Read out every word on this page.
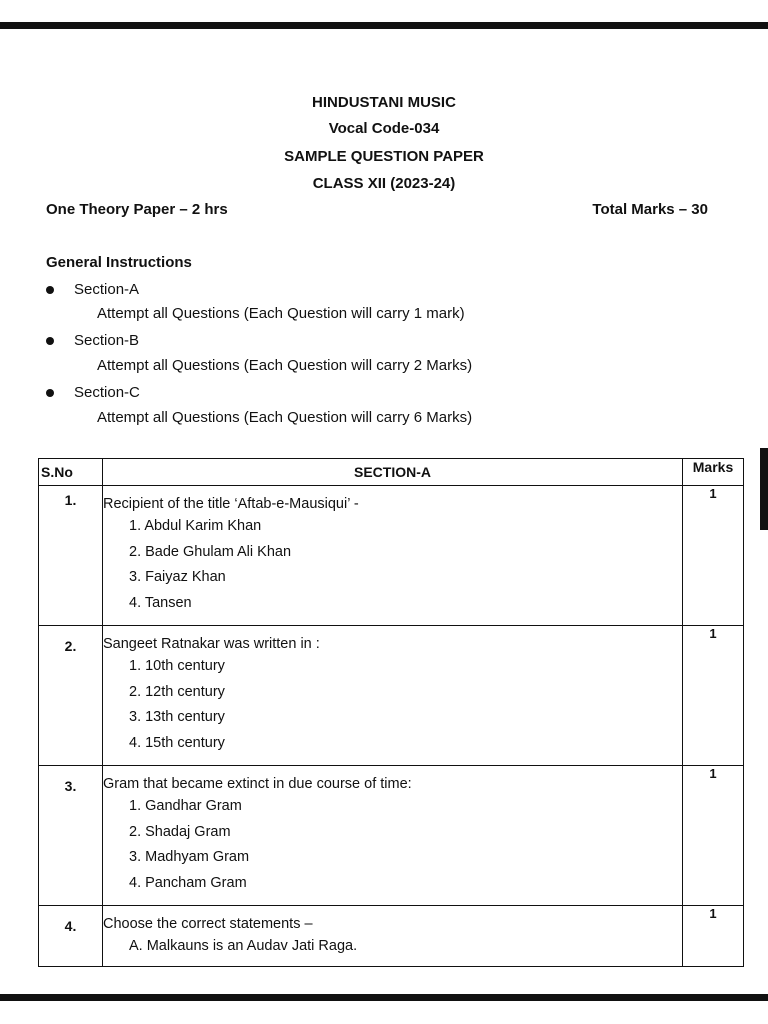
HINDUSTANI MUSIC
Vocal Code-034
SAMPLE QUESTION PAPER
CLASS XII (2023-24)
One Theory Paper – 2 hrs	Total Marks – 30
General Instructions
Section-A
Attempt all Questions (Each Question will carry 1 mark)
Section-B
Attempt all Questions (Each Question will carry 2 Marks)
Section-C
Attempt all Questions (Each Question will carry 6 Marks)
S.No	SECTION-A	Marks
1.	Recipient of the title ‘Aftab-e-Mausiqui’ -
1. Abdul Karim Khan
2. Bade Ghulam Ali Khan
3. Faiyaz Khan
4. Tansen	1
2.	Sangeet Ratnakar was written in :
1. 10th century
2. 12th century
3. 13th century
4. 15th century	1
3.	Gram that became extinct in due course of time:
1. Gandhar Gram
2. Shadaj Gram
3. Madhyam Gram
4. Pancham Gram	1
4.	Choose the correct statements –
A. Malkauns is an Audav Jati Raga.	1
